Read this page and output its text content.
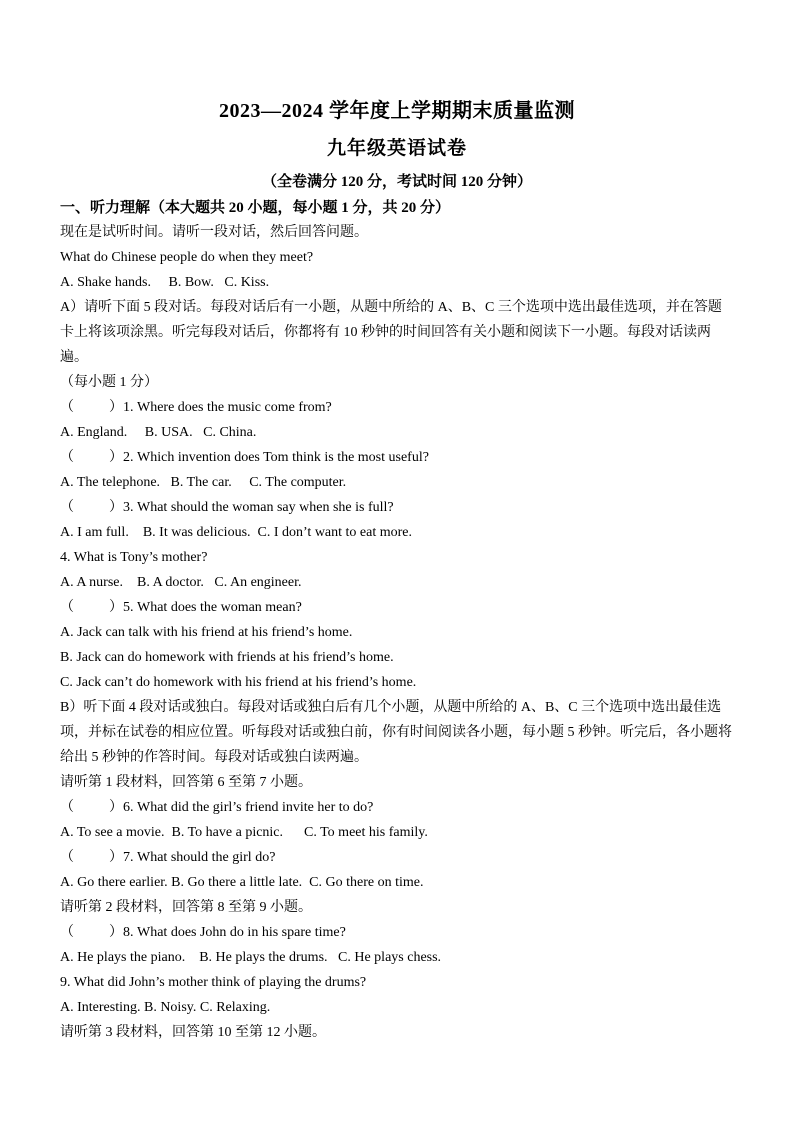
2023—2024 学年度上学期期末质量监测
九年级英语试卷
（全卷满分 120 分，考试时间 120 分钟）
一、听力理解（本大题共 20 小题，每小题 1 分，共 20 分）
现在是试听时间。请听一段对话，然后回答问题。
What do Chinese people do when they meet?
A. Shake hands.     B. Bow.   C. Kiss.
A）请听下面 5 段对话。每段对话后有一小题，从题中所给的 A、B、C 三个选项中选出最佳选项，并在答题
卡上将该项涂黑。听完每段对话后，你都将有 10 秒钟的时间回答有关小题和阅读下一小题。每段对话读两遍。
（每小题 1 分）
（          ）1. Where does the music come from?
A. England.     B. USA.   C. China.
（          ）2. Which invention does Tom think is the most useful?
A. The telephone.   B. The car.     C. The computer.
（          ）3. What should the woman say when she is full?
A. I am full.    B. It was delicious.  C. I don’t want to eat more.
4. What is Tony’s mother?
A. A nurse.    B. A doctor.   C. An engineer.
（          ）5. What does the woman mean?
A. Jack can talk with his friend at his friend’s home.
B. Jack can do homework with friends at his friend’s home.
C. Jack can’t do homework with his friend at his friend’s home.
B）听下面 4 段对话或独白。每段对话或独白后有几个小题，从题中所给的 A、B、C 三个选项中选出最佳选
项，并标在试卷的相应位置。听每段对话或独白前，你有时间阅读各小题，每小题 5 秒钟。听完后，各小题将
给出 5 秒钟的作答时间。每段对话或独白读两遍。
请听第 1 段材料，回答第 6 至第 7 小题。
（          ）6. What did the girl’s friend invite her to do?
A. To see a movie.  B. To have a picnic.      C. To meet his family.
（          ）7. What should the girl do?
A. Go there earlier. B. Go there a little late.  C. Go there on time.
请听第 2 段材料，回答第 8 至第 9 小题。
（          ）8. What does John do in his spare time?
A. He plays the piano.    B. He plays the drums.   C. He plays chess.
9. What did John’s mother think of playing the drums?
A. Interesting. B. Noisy. C. Relaxing.
请听第 3 段材料，回答第 10 至第 12 小题。
